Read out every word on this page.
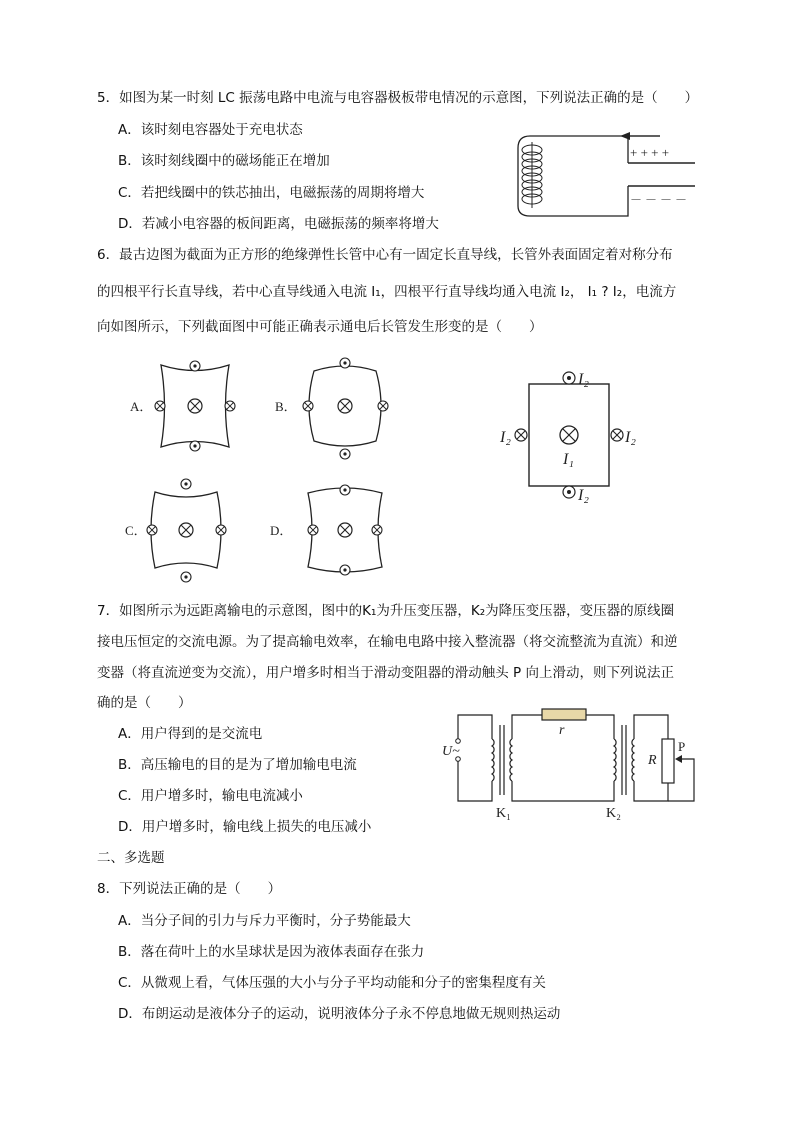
5．如图为某一时刻 LC 振荡电路中电流与电容器极板带电情况的示意图，下列说法正确的是（　　）
A．该时刻电容器处于充电状态
B．该时刻线圈中的磁场能正在增加
C．若把线圈中的铁芯抽出，电磁振荡的周期将增大
D．若减小电容器的板间距离，电磁振荡的频率将增大
+ + + +
－ － － －
6．最古边图为截面为正方形的绝缘弹性长管中心有一固定长直导线，长管外表面固定着对称分布
的四根平行长直导线，若中心直导线通入电流 I₁，四根平行直导线均通入电流 I₂， I₁ ? I₂，电流方
向如图所示，下列截面图中可能正确表示通电后长管发生形变的是（　　）
A．	B．
C．	D．
I₂
I₂	I₂
I₁
I₂
7．如图所示为远距离输电的示意图，图中的K₁为升压变压器，K₂为降压变压器，变压器的原线圈
接电压恒定的交流电源。为了提高输电效率，在输电电路中接入整流器（将交流整流为直流）和逆
变器（将直流逆变为交流），用户增多时相当于滑动变阻器的滑动触头 P 向上滑动，则下列说法正
确的是（　　）
A．用户得到的是交流电
B．高压输电的目的是为了增加输电电流
C．用户增多时，输电电流减小
D．用户增多时，输电线上损失的电压减小
U~
r
R
P
K₁	K₂
二、多选题
8．下列说法正确的是（　　）
A．当分子间的引力与斥力平衡时，分子势能最大
B．落在荷叶上的水呈球状是因为液体表面存在张力
C．从微观上看，气体压强的大小与分子平均动能和分子的密集程度有关
D．布朗运动是液体分子的运动，说明液体分子永不停息地做无规则热运动
